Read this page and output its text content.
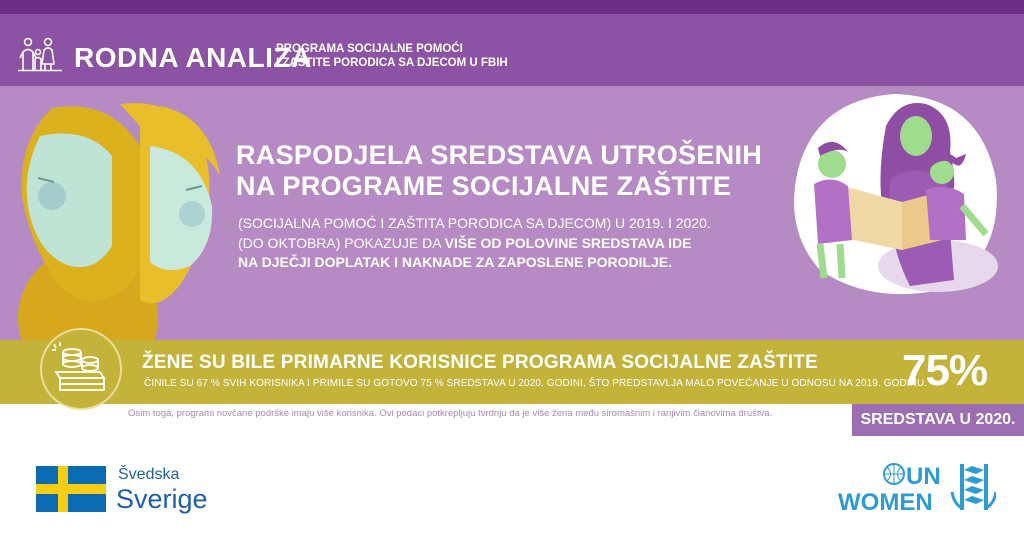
RODNA ANALIZA
PROGRAMA SOCIJALNE POMOĆI
I ZAŠTITE PORODICA SA DJECOM U FBIH
RASPODJELA SREDSTAVA UTROŠENIH
NA PROGRAME SOCIJALNE ZAŠTITE
(SOCIJALNA POMOĆ I ZAŠTITA PORODICA SA DJECOM) U 2019. I 2020.
(DO OKTOBRA) POKAZUJE DA VIŠE OD POLOVINE SREDSTAVA IDE
NA DJEČJI DOPLATAK I NAKNADE ZA ZAPOSLENE PORODILJE.
ŽENE SU BILE PRIMARNE KORISNICE PROGRAMA SOCIJALNE ZAŠTITE
ČINILE SU 67 % SVIH KORISNIKA I PRIMILE SU GOTOVO 75 % SREDSTAVA U 2020. GODINI, ŠTO PREDSTAVLJA MALO POVEĆANJE U ODNOSU NA 2019. GODINU.
75%
Osim toga, programi novčane podrške imaju više korisnika. Ovi podaci potkrepljuju tvrdnju da je više žena među siromašnim i ranjivim članovima društva.	SREDSTAVA U 2020.
Švedska
Sverige
UN
WOMEN
